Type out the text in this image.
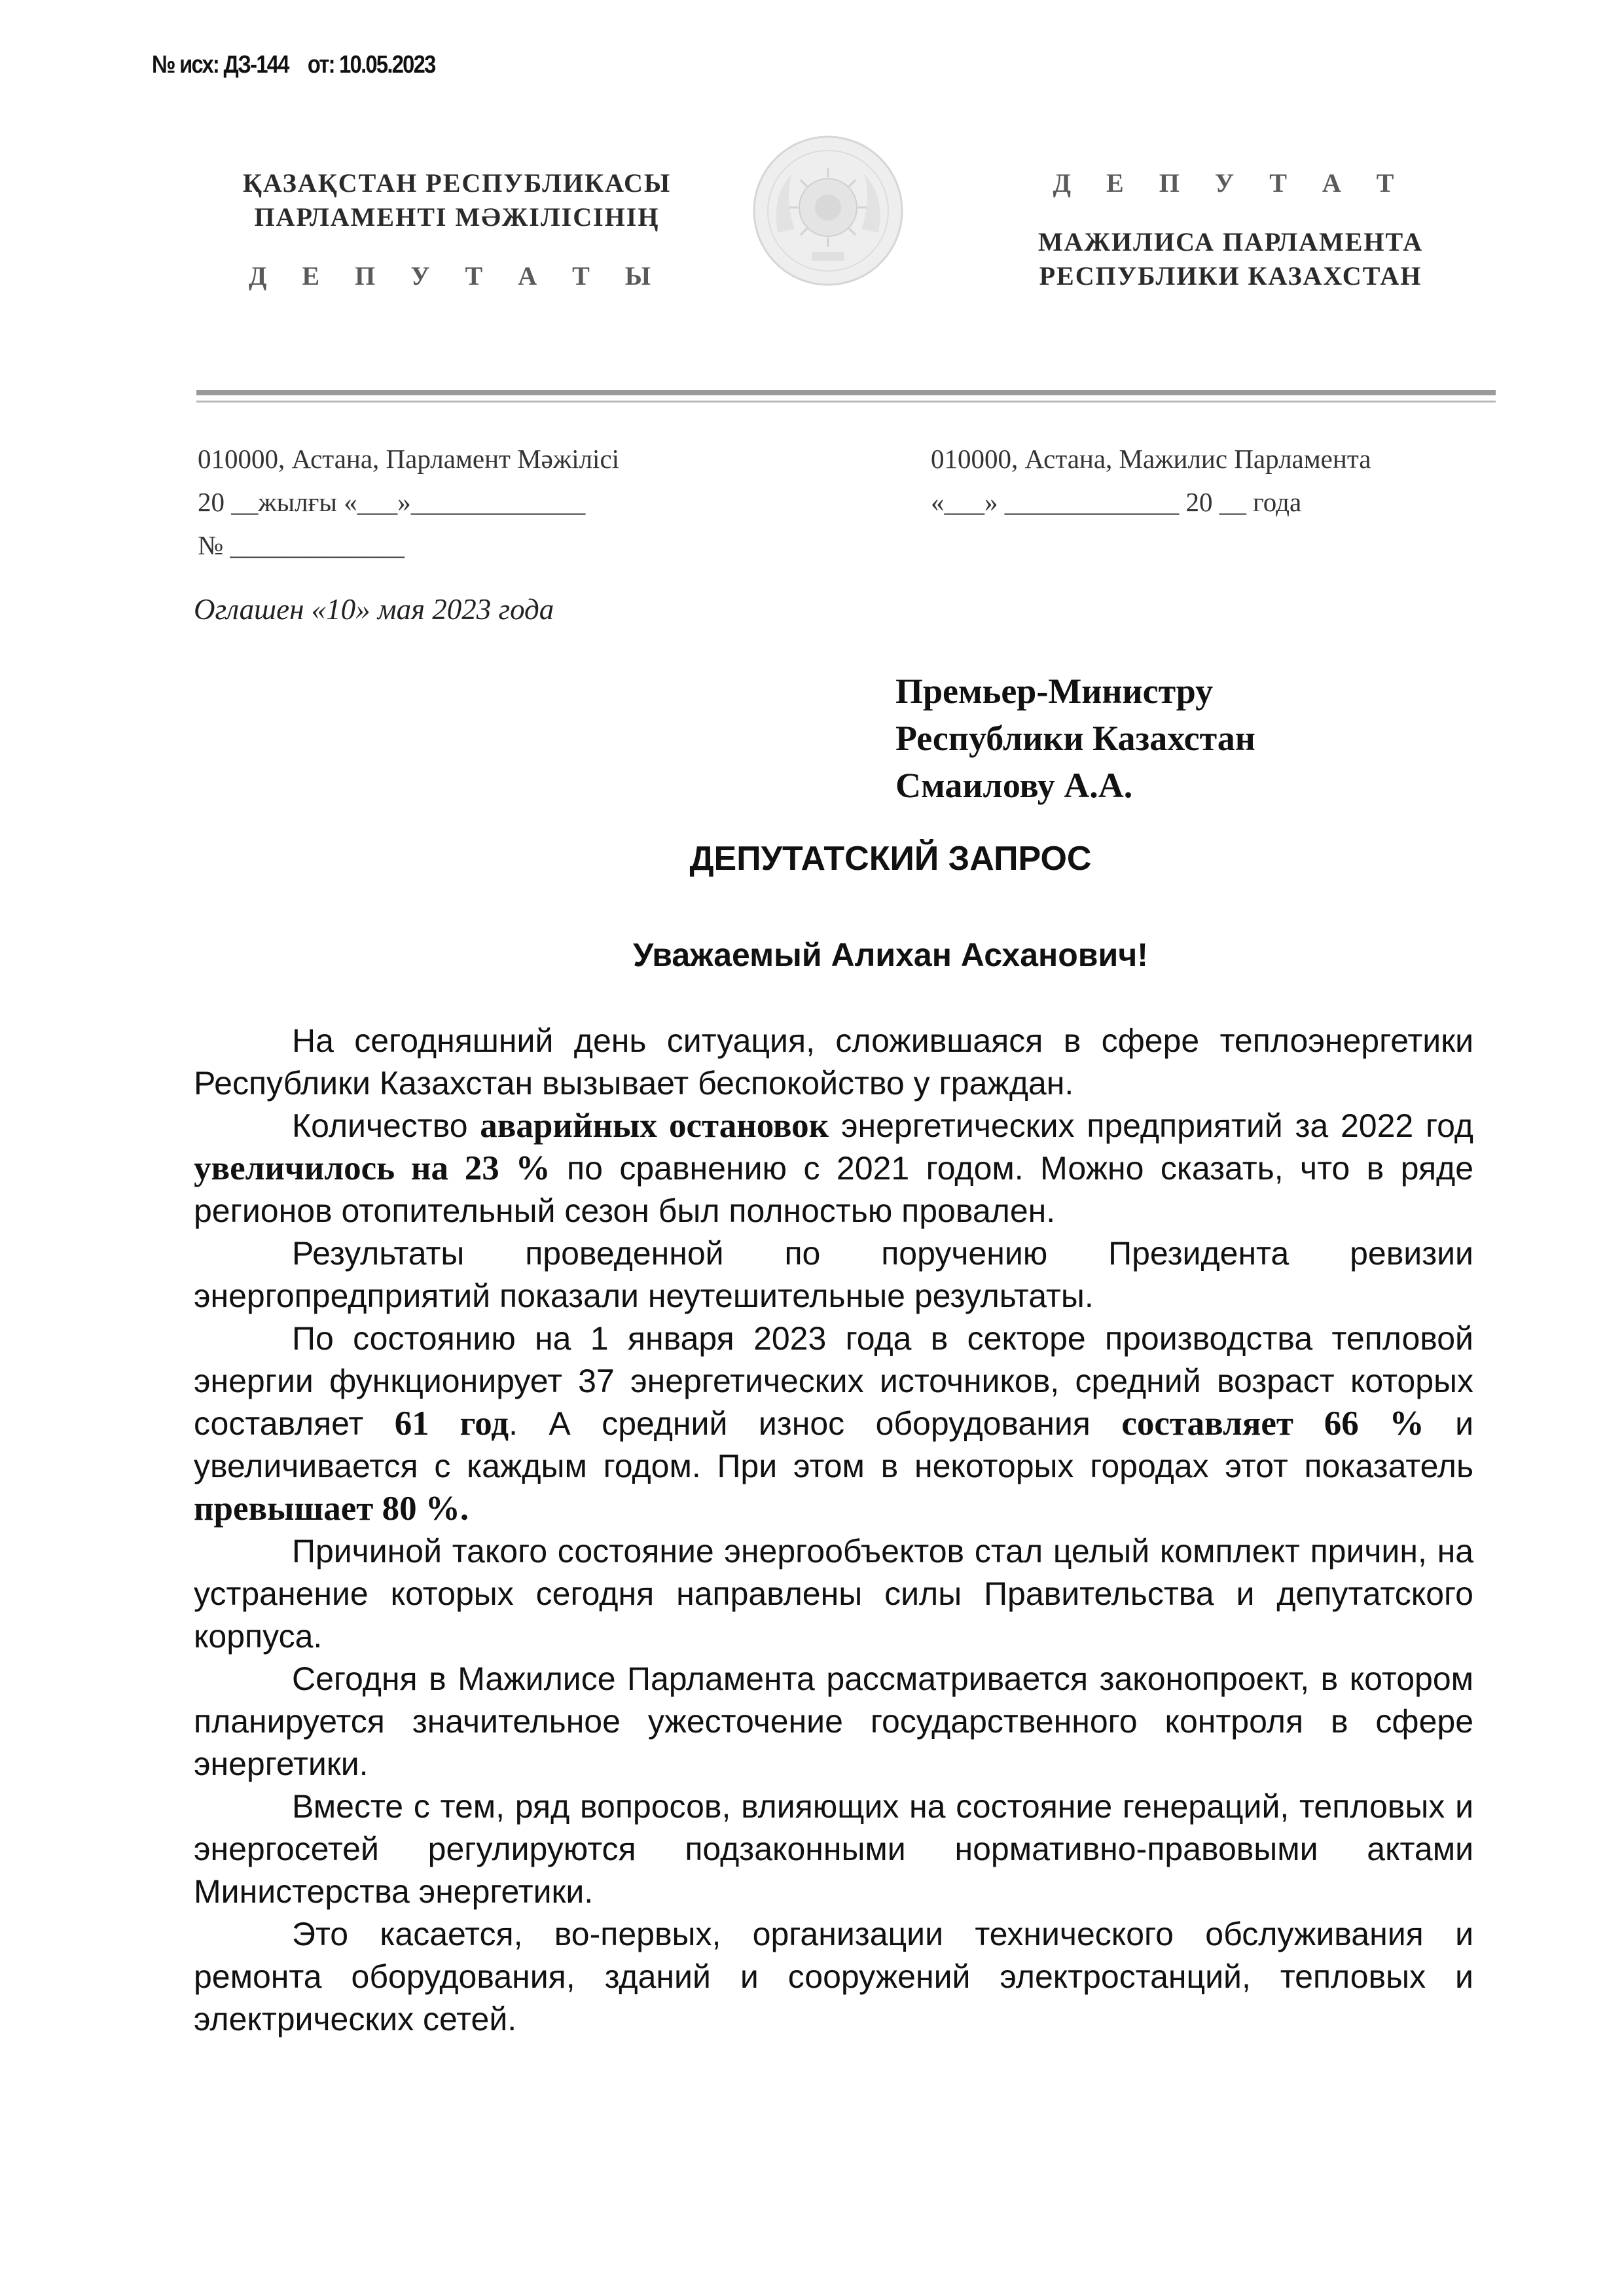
№ исх: ДЗ-144 от: 10.05.2023
ҚАЗАҚСТАН РЕСПУБЛИКАСЫ
ПАРЛАМЕНТІ МӘЖІЛІСІНІҢ
Д Е П У Т А Т Ы
Д Е П У Т А Т
МАЖИЛИСА ПАРЛАМЕНТА
РЕСПУБЛИКИ КАЗАХСТАН
010000, Астана, Парламент Мәжілісі
20 __жылғы «___»_____________
№ _____________
010000, Астана, Мажилис Парламента
«___» _____________ 20 __ года
Оглашен «10» мая 2023 года
Премьер-Министру
Республики Казахстан
Смаилову А.А.
ДЕПУТАТСКИЙ ЗАПРОС
Уважаемый Алихан Асханович!

На сегодняшний день ситуация, сложившаяся в сфере теплоэнергетики Республики Казахстан вызывает беспокойство у граждан.

Количество аварийных остановок энергетических предприятий за 2022 год увеличилось на 23 % по сравнению с 2021 годом. Можно сказать, что в ряде регионов отопительный сезон был полностью провален.

Результаты проведенной по поручению Президента ревизии энергопредприятий показали неутешительные результаты.

По состоянию на 1 января 2023 года в секторе производства тепловой энергии функционирует 37 энергетических источников, средний возраст которых составляет 61 год. А средний износ оборудования составляет 66 % и увеличивается с каждым годом. При этом в некоторых городах этот показатель превышает 80 %.

Причиной такого состояние энергообъектов стал целый комплект причин, на устранение которых сегодня направлены силы Правительства и депутатского корпуса.

Сегодня в Мажилисе Парламента рассматривается законопроект, в котором планируется значительное ужесточение государственного контроля в сфере энергетики.

Вместе с тем, ряд вопросов, влияющих на состояние генераций, тепловых и энергосетей регулируются подзаконными нормативно-правовыми актами Министерства энергетики.

Это касается, во-первых, организации технического обслуживания и ремонта оборудования, зданий и сооружений электростанций, тепловых и электрических сетей.
